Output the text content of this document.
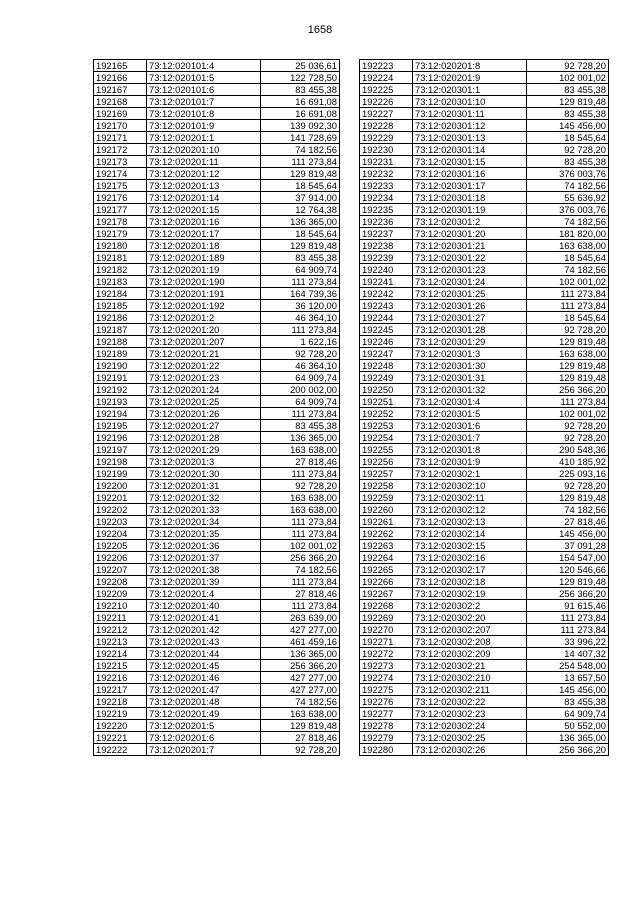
1658
192165	73:12:020101:4	25 036,61
192166	73:12:020101:5	122 728,50
192167	73:12:020101:6	83 455,38
192168	73:12:020101:7	16 691,08
192169	73:12:020101:8	16 691,08
192170	73:12:020101:9	139 092,30
192171	73:12:020201:1	141 728,69
192172	73:12:020201:10	74 182,56
192173	73:12:020201:11	111 273,84
192174	73:12:020201:12	129 819,48
192175	73:12:020201:13	18 545,64
192176	73:12:020201:14	37 914,00
192177	73:12:020201:15	12 764,38
192178	73:12:020201:16	136 365,00
192179	73:12:020201:17	18 545,64
192180	73:12:020201:18	129 819,48
192181	73:12:020201:189	83 455,38
192182	73:12:020201:19	64 909,74
192183	73:12:020201:190	111 273,84
192184	73:12:020201:191	164 739,36
192185	73:12:020201:192	36 120,00
192186	73:12:020201:2	46 364,10
192187	73:12:020201:20	111 273,84
192188	73:12:020201:207	1 622,16
192189	73:12:020201:21	92 728,20
192190	73:12:020201:22	46 364,10
192191	73:12:020201:23	64 909,74
192192	73:12:020201:24	200 002,00
192193	73:12:020201:25	64 909,74
192194	73:12:020201:26	111 273,84
192195	73:12:020201:27	83 455,38
192196	73:12:020201:28	136 365,00
192197	73:12:020201:29	163 638,00
192198	73:12:020201:3	27 818,46
192199	73:12:020201:30	111 273,84
192200	73:12:020201:31	92 728,20
192201	73:12:020201:32	163 638,00
192202	73:12:020201:33	163 638,00
192203	73:12:020201:34	111 273,84
192204	73:12:020201:35	111 273,84
192205	73:12:020201:36	102 001,02
192206	73:12:020201:37	256 366,20
192207	73:12:020201:38	74 182,56
192208	73:12:020201:39	111 273,84
192209	73:12:020201:4	27 818,46
192210	73:12:020201:40	111 273,84
192211	73:12:020201:41	263 639,00
192212	73:12:020201:42	427 277,00
192213	73:12:020201:43	461 459,16
192214	73:12:020201:44	136 365,00
192215	73:12:020201:45	256 366,20
192216	73:12:020201:46	427 277,00
192217	73:12:020201:47	427 277,00
192218	73:12:020201:48	74 182,56
192219	73:12:020201:49	163 638,00
192220	73:12:020201:5	129 819,48
192221	73:12:020201:6	27 818,46
192222	73:12:020201:7	92 728,20
192223	73:12:020201:8	92 728,20
192224	73:12:020201:9	102 001,02
192225	73:12:020301:1	83 455,38
192226	73:12:020301:10	129 819,48
192227	73:12:020301:11	83 455,38
192228	73:12:020301:12	145 456,00
192229	73:12:020301:13	18 545,64
192230	73:12:020301:14	92 728,20
192231	73:12:020301:15	83 455,38
192232	73:12:020301:16	376 003,76
192233	73:12:020301:17	74 182,56
192234	73:12:020301:18	55 636,92
192235	73:12:020301:19	376 003,76
192236	73:12:020301:2	74 182,56
192237	73:12:020301:20	181 820,00
192238	73:12:020301:21	163 638,00
192239	73:12:020301:22	18 545,64
192240	73:12:020301:23	74 182,56
192241	73:12:020301:24	102 001,02
192242	73:12:020301:25	111 273,84
192243	73:12:020301:26	111 273,84
192244	73:12:020301:27	18 545,64
192245	73:12:020301:28	92 728,20
192246	73:12:020301:29	129 819,48
192247	73:12:020301:3	163 638,00
192248	73:12:020301:30	129 819,48
192249	73:12:020301:31	129 819,48
192250	73:12:020301:32	256 366,20
192251	73:12:020301:4	111 273,84
192252	73:12:020301:5	102 001,02
192253	73:12:020301:6	92 728,20
192254	73:12:020301:7	92 728,20
192255	73:12:020301:8	290 548,36
192256	73:12:020301:9	410 185,92
192257	73:12:020302:1	225 093,16
192258	73:12:020302:10	92 728,20
192259	73:12:020302:11	129 819,48
192260	73:12:020302:12	74 182,56
192261	73:12:020302:13	27 818,46
192262	73:12:020302:14	145 456,00
192263	73:12:020302:15	37 091,28
192264	73:12:020302:16	154 547,00
192265	73:12:020302:17	120 546,66
192266	73:12:020302:18	129 819,48
192267	73:12:020302:19	256 366,20
192268	73:12:020302:2	91 615,46
192269	73:12:020302:20	111 273,84
192270	73:12:020302:207	111 273,84
192271	73:12:020302:208	33 996,22
192272	73:12:020302:209	14 407,32
192273	73:12:020302:21	254 548,00
192274	73:12:020302:210	13 657,50
192275	73:12:020302:211	145 456,00
192276	73:12:020302:22	83 455,38
192277	73:12:020302:23	64 909,74
192278	73:12:020302:24	50 552,00
192279	73:12:020302:25	136 365,00
192280	73:12:020302:26	256 366,20
